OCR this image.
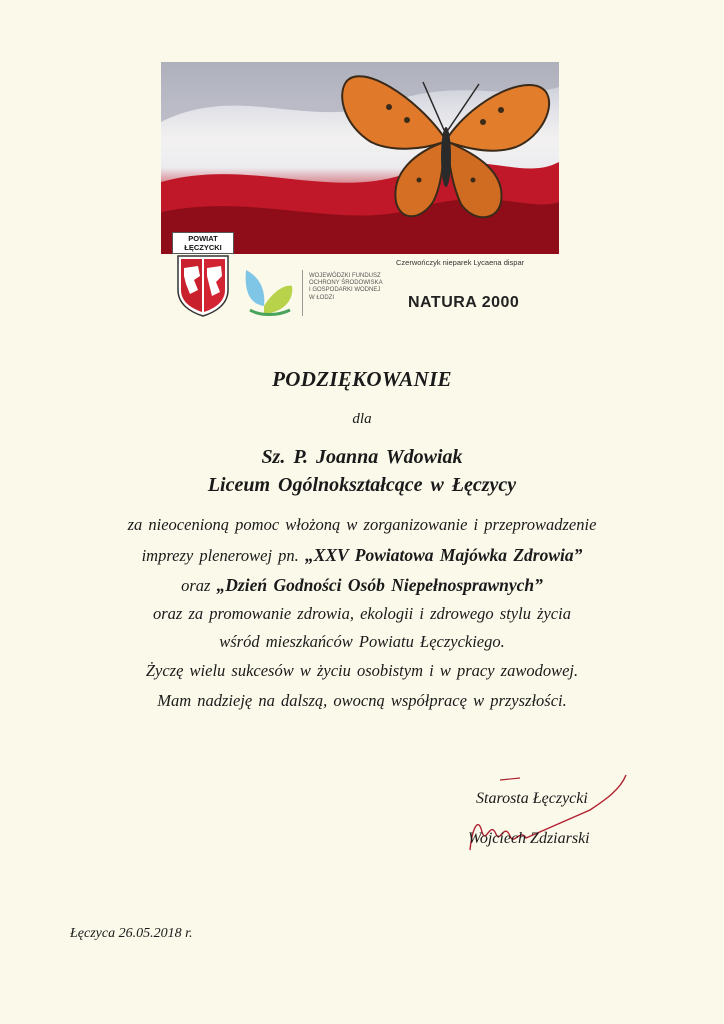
Czerwończyk nieparek Lycaena dispar
POWIAT ŁĘCZYCKI
WOJEWÓDZKI FUNDUSZ
OCHRONY ŚRODOWISKA
I GOSPODARKI WODNEJ
W ŁODZI	NATURA 2000
PODZIĘKOWANIE
dla
Sz. P. Joanna Wdowiak
Liceum Ogólnokształcące w Łęczycy
za nieocenioną pomoc włożoną w zorganizowanie i przeprowadzenie
imprezy plenerowej pn. „XXV Powiatowa Majówka Zdrowia”
oraz „Dzień Godności Osób Niepełnosprawnych”
oraz za promowanie zdrowia, ekologii i zdrowego stylu życia
wśród mieszkańców Powiatu Łęczyckiego.
Życzę wielu sukcesów w życiu osobistym i w pracy zawodowej.
Mam nadzieję na dalszą, owocną współpracę w przyszłości.
Starosta Łęczycki
Wojciech Zdziarski
Łęczyca 26.05.2018 r.
